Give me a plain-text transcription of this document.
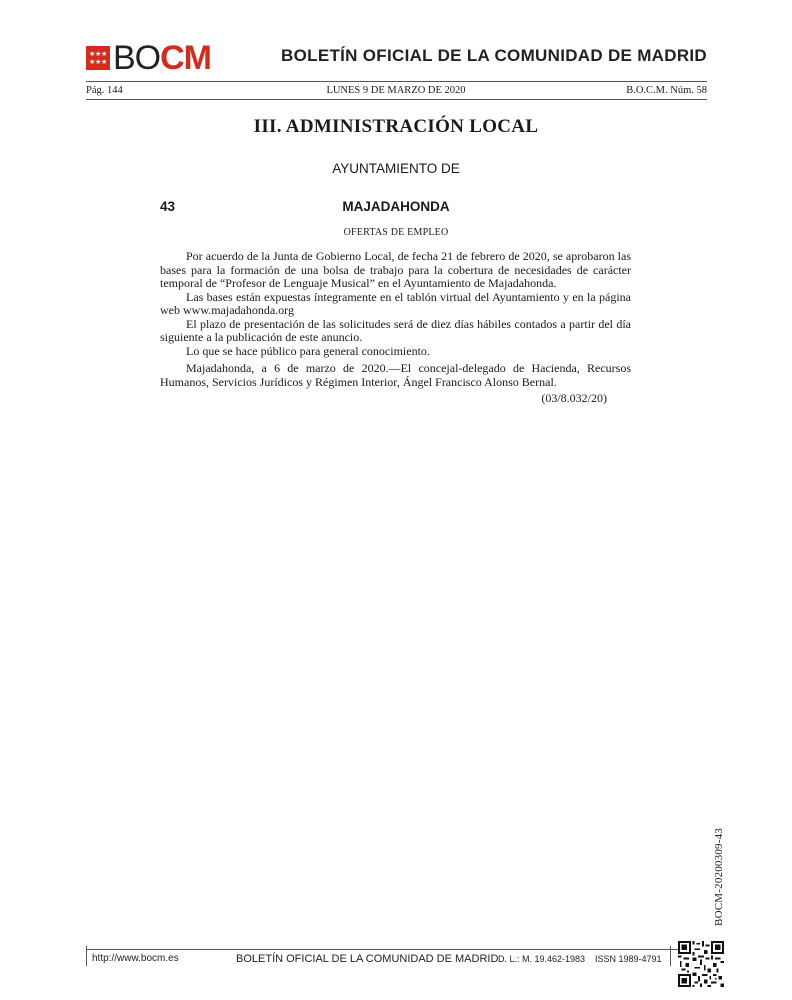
★ ★ ★
★ ★ ★ BOCM	BOLETÍN OFICIAL DE LA COMUNIDAD DE MADRID
Pág. 144	LUNES 9 DE MARZO DE 2020	B.O.C.M. Núm. 58
III. ADMINISTRACIÓN LOCAL
AYUNTAMIENTO DE
43	MAJADAHONDA
OFERTAS DE EMPLEO

Por acuerdo de la Junta de Gobierno Local, de fecha 21 de febrero de 2020, se aprobaron las bases para la formación de una bolsa de trabajo para la cobertura de necesidades de carácter temporal de “Profesor de Lenguaje Musical” en el Ayuntamiento de Majadahonda.

Las bases están expuestas íntegramente en el tablón virtual del Ayuntamiento y en la página web www.majadahonda.org

El plazo de presentación de las solicitudes será de diez días hábiles contados a partir del día siguiente a la publicación de este anuncio.

Lo que se hace público para general conocimiento.

Majadahonda, a 6 de marzo de 2020.—El concejal-delegado de Hacienda, Recursos Humanos, Servicios Jurídicos y Régimen Interior, Ángel Francisco Alonso Bernal.

(03/8.032/20)
BOCM-20200309-43
http://www.bocm.es	BOLETÍN OFICIAL DE LA COMUNIDAD DE MADRID D. L.: M. 19.462-1983 ISSN 1989-4791
